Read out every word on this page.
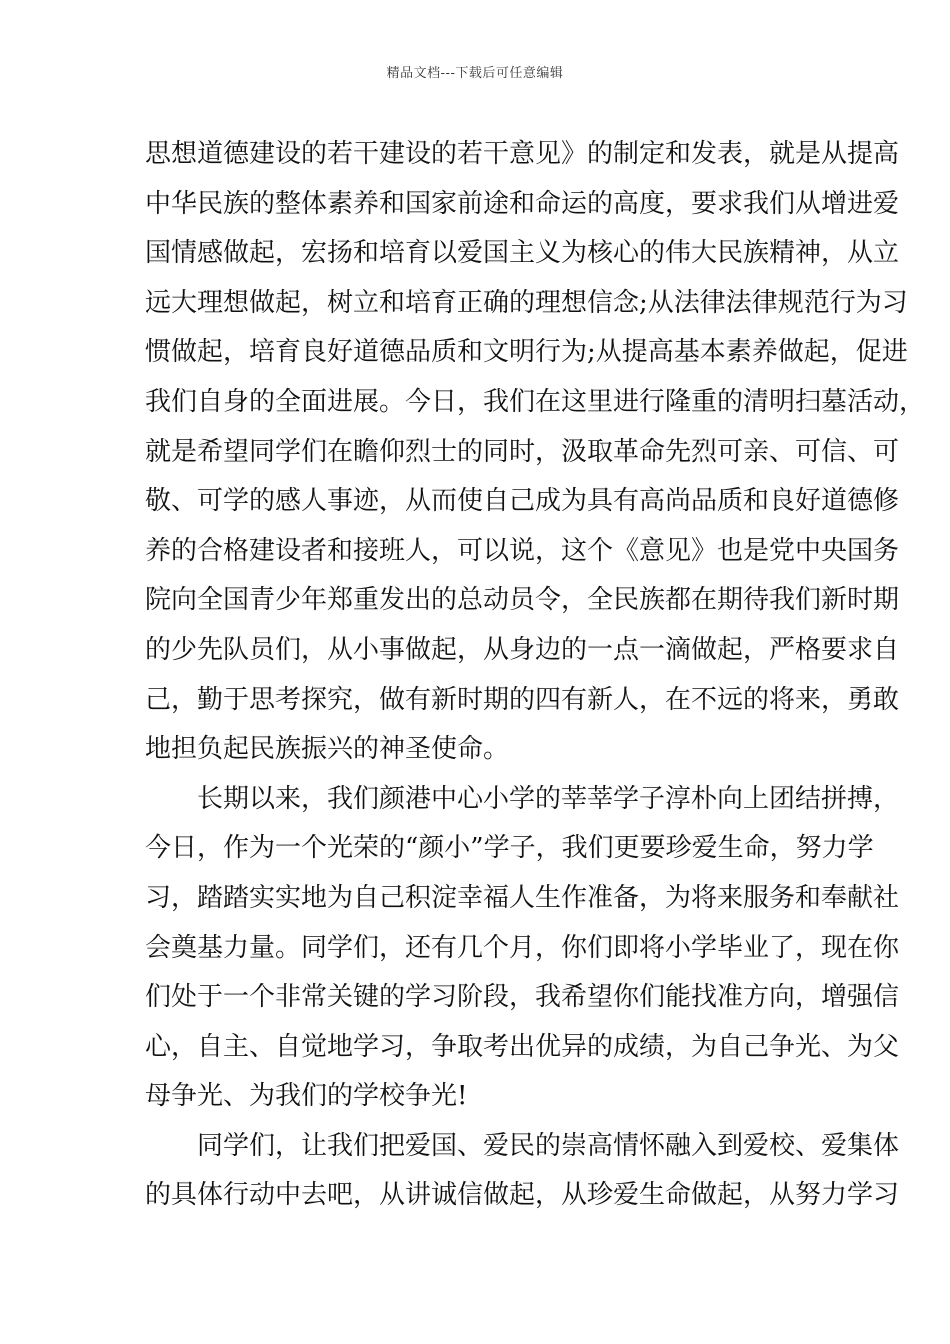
精品文档---下载后可任意编辑
思想道德建设的若干建设的若干意见》的制定和发表，就是从提高
中华民族的整体素养和国家前途和命运的高度，要求我们从增进爱
国情感做起，宏扬和培育以爱国主义为核心的伟大民族精神，从立
远大理想做起，树立和培育正确的理想信念;从法律法律规范行为习
惯做起，培育良好道德品质和文明行为;从提高基本素养做起，促进
我们自身的全面进展。今日，我们在这里进行隆重的清明扫墓活动，
就是希望同学们在瞻仰烈士的同时，汲取革命先烈可亲、可信、可
敬、可学的感人事迹，从而使自己成为具有高尚品质和良好道德修
养的合格建设者和接班人，可以说，这个《意见》也是党中央国务
院向全国青少年郑重发出的总动员令，全民族都在期待我们新时期
的少先队员们，从小事做起，从身边的一点一滴做起，严格要求自
己，勤于思考探究，做有新时期的四有新人，在不远的将来，勇敢
地担负起民族振兴的神圣使命。
长期以来，我们颜港中心小学的莘莘学子淳朴向上团结拼搏，
今日，作为一个光荣的“颜小”学子，我们更要珍爱生命，努力学
习，踏踏实实地为自己积淀幸福人生作准备，为将来服务和奉献社
会奠基力量。同学们，还有几个月，你们即将小学毕业了，现在你
们处于一个非常关键的学习阶段，我希望你们能找准方向，增强信
心，自主、自觉地学习，争取考出优异的成绩，为自己争光、为父
母争光、为我们的学校争光!
同学们，让我们把爱国、爱民的崇高情怀融入到爱校、爱集体
的具体行动中去吧，从讲诚信做起，从珍爱生命做起，从努力学习
